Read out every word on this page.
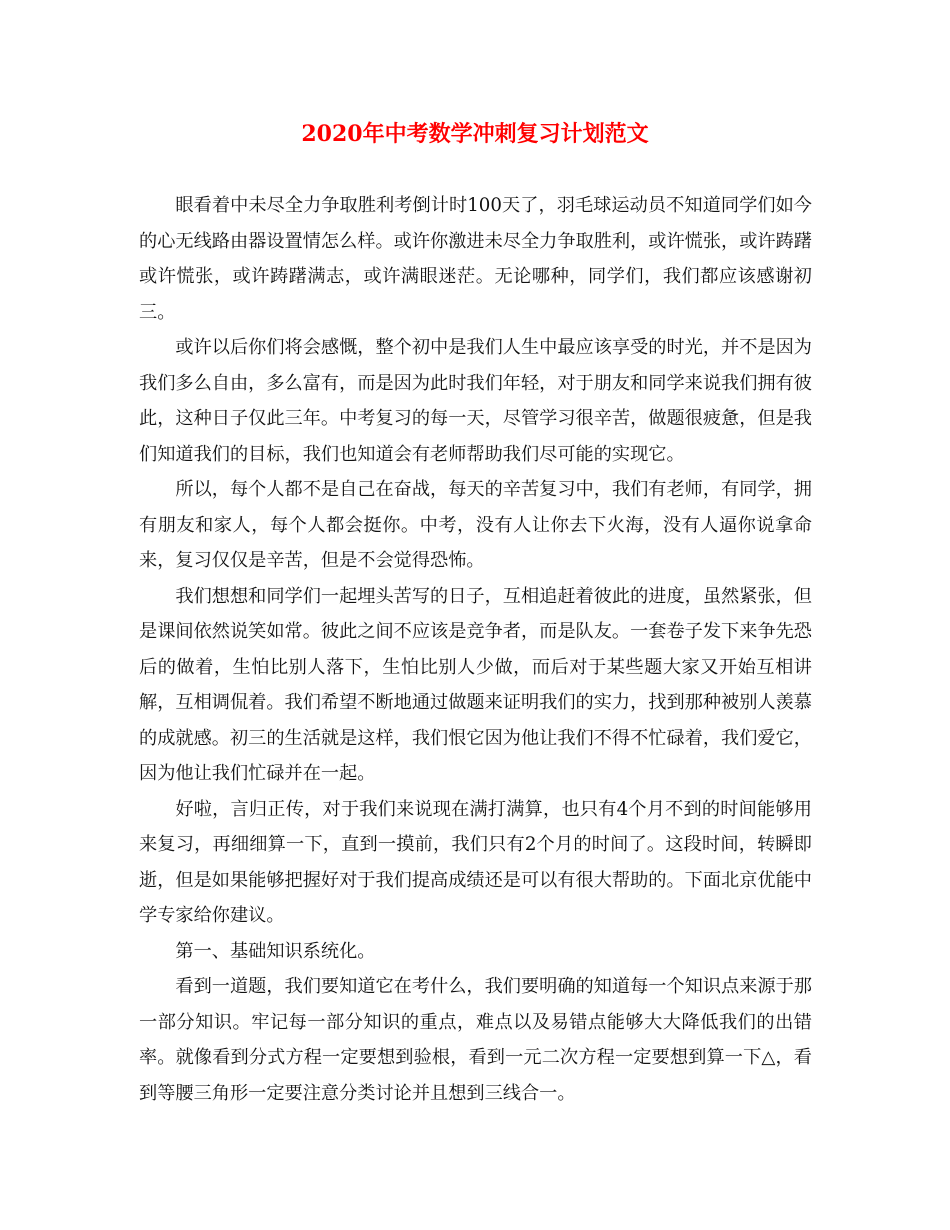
2020年中考数学冲刺复习计划范文

眼看着中未尽全力争取胜利考倒计时100天了，羽毛球运动员不知道同学们如今的心无线路由器设置情怎么样。或许你激进未尽全力争取胜利，或许慌张，或许踌躇或许慌张，或许踌躇满志，或许满眼迷茫。无论哪种，同学们，我们都应该感谢初三。

或许以后你们将会感慨，整个初中是我们人生中最应该享受的时光，并不是因为我们多么自由，多么富有，而是因为此时我们年轻，对于朋友和同学来说我们拥有彼此，这种日子仅此三年。中考复习的每一天，尽管学习很辛苦，做题很疲惫，但是我们知道我们的目标，我们也知道会有老师帮助我们尽可能的实现它。

所以，每个人都不是自己在奋战，每天的辛苦复习中，我们有老师，有同学，拥有朋友和家人，每个人都会挺你。中考，没有人让你去下火海，没有人逼你说拿命来，复习仅仅是辛苦，但是不会觉得恐怖。

我们想想和同学们一起埋头苦写的日子，互相追赶着彼此的进度，虽然紧张，但是课间依然说笑如常。彼此之间不应该是竞争者，而是队友。一套卷子发下来争先恐后的做着，生怕比别人落下，生怕比别人少做，而后对于某些题大家又开始互相讲解，互相调侃着。我们希望不断地通过做题来证明我们的实力，找到那种被别人羡慕的成就感。初三的生活就是这样，我们恨它因为他让我们不得不忙碌着，我们爱它，因为他让我们忙碌并在一起。

好啦，言归正传，对于我们来说现在满打满算，也只有4个月不到的时间能够用来复习，再细细算一下，直到一摸前，我们只有2个月的时间了。这段时间，转瞬即逝，但是如果能够把握好对于我们提高成绩还是可以有很大帮助的。下面北京优能中学专家给你建议。

第一、基础知识系统化。

看到一道题，我们要知道它在考什么，我们要明确的知道每一个知识点来源于那一部分知识。牢记每一部分知识的重点，难点以及易错点能够大大降低我们的出错率。就像看到分式方程一定要想到验根，看到一元二次方程一定要想到算一下△，看到等腰三角形一定要注意分类讨论并且想到三线合一。
